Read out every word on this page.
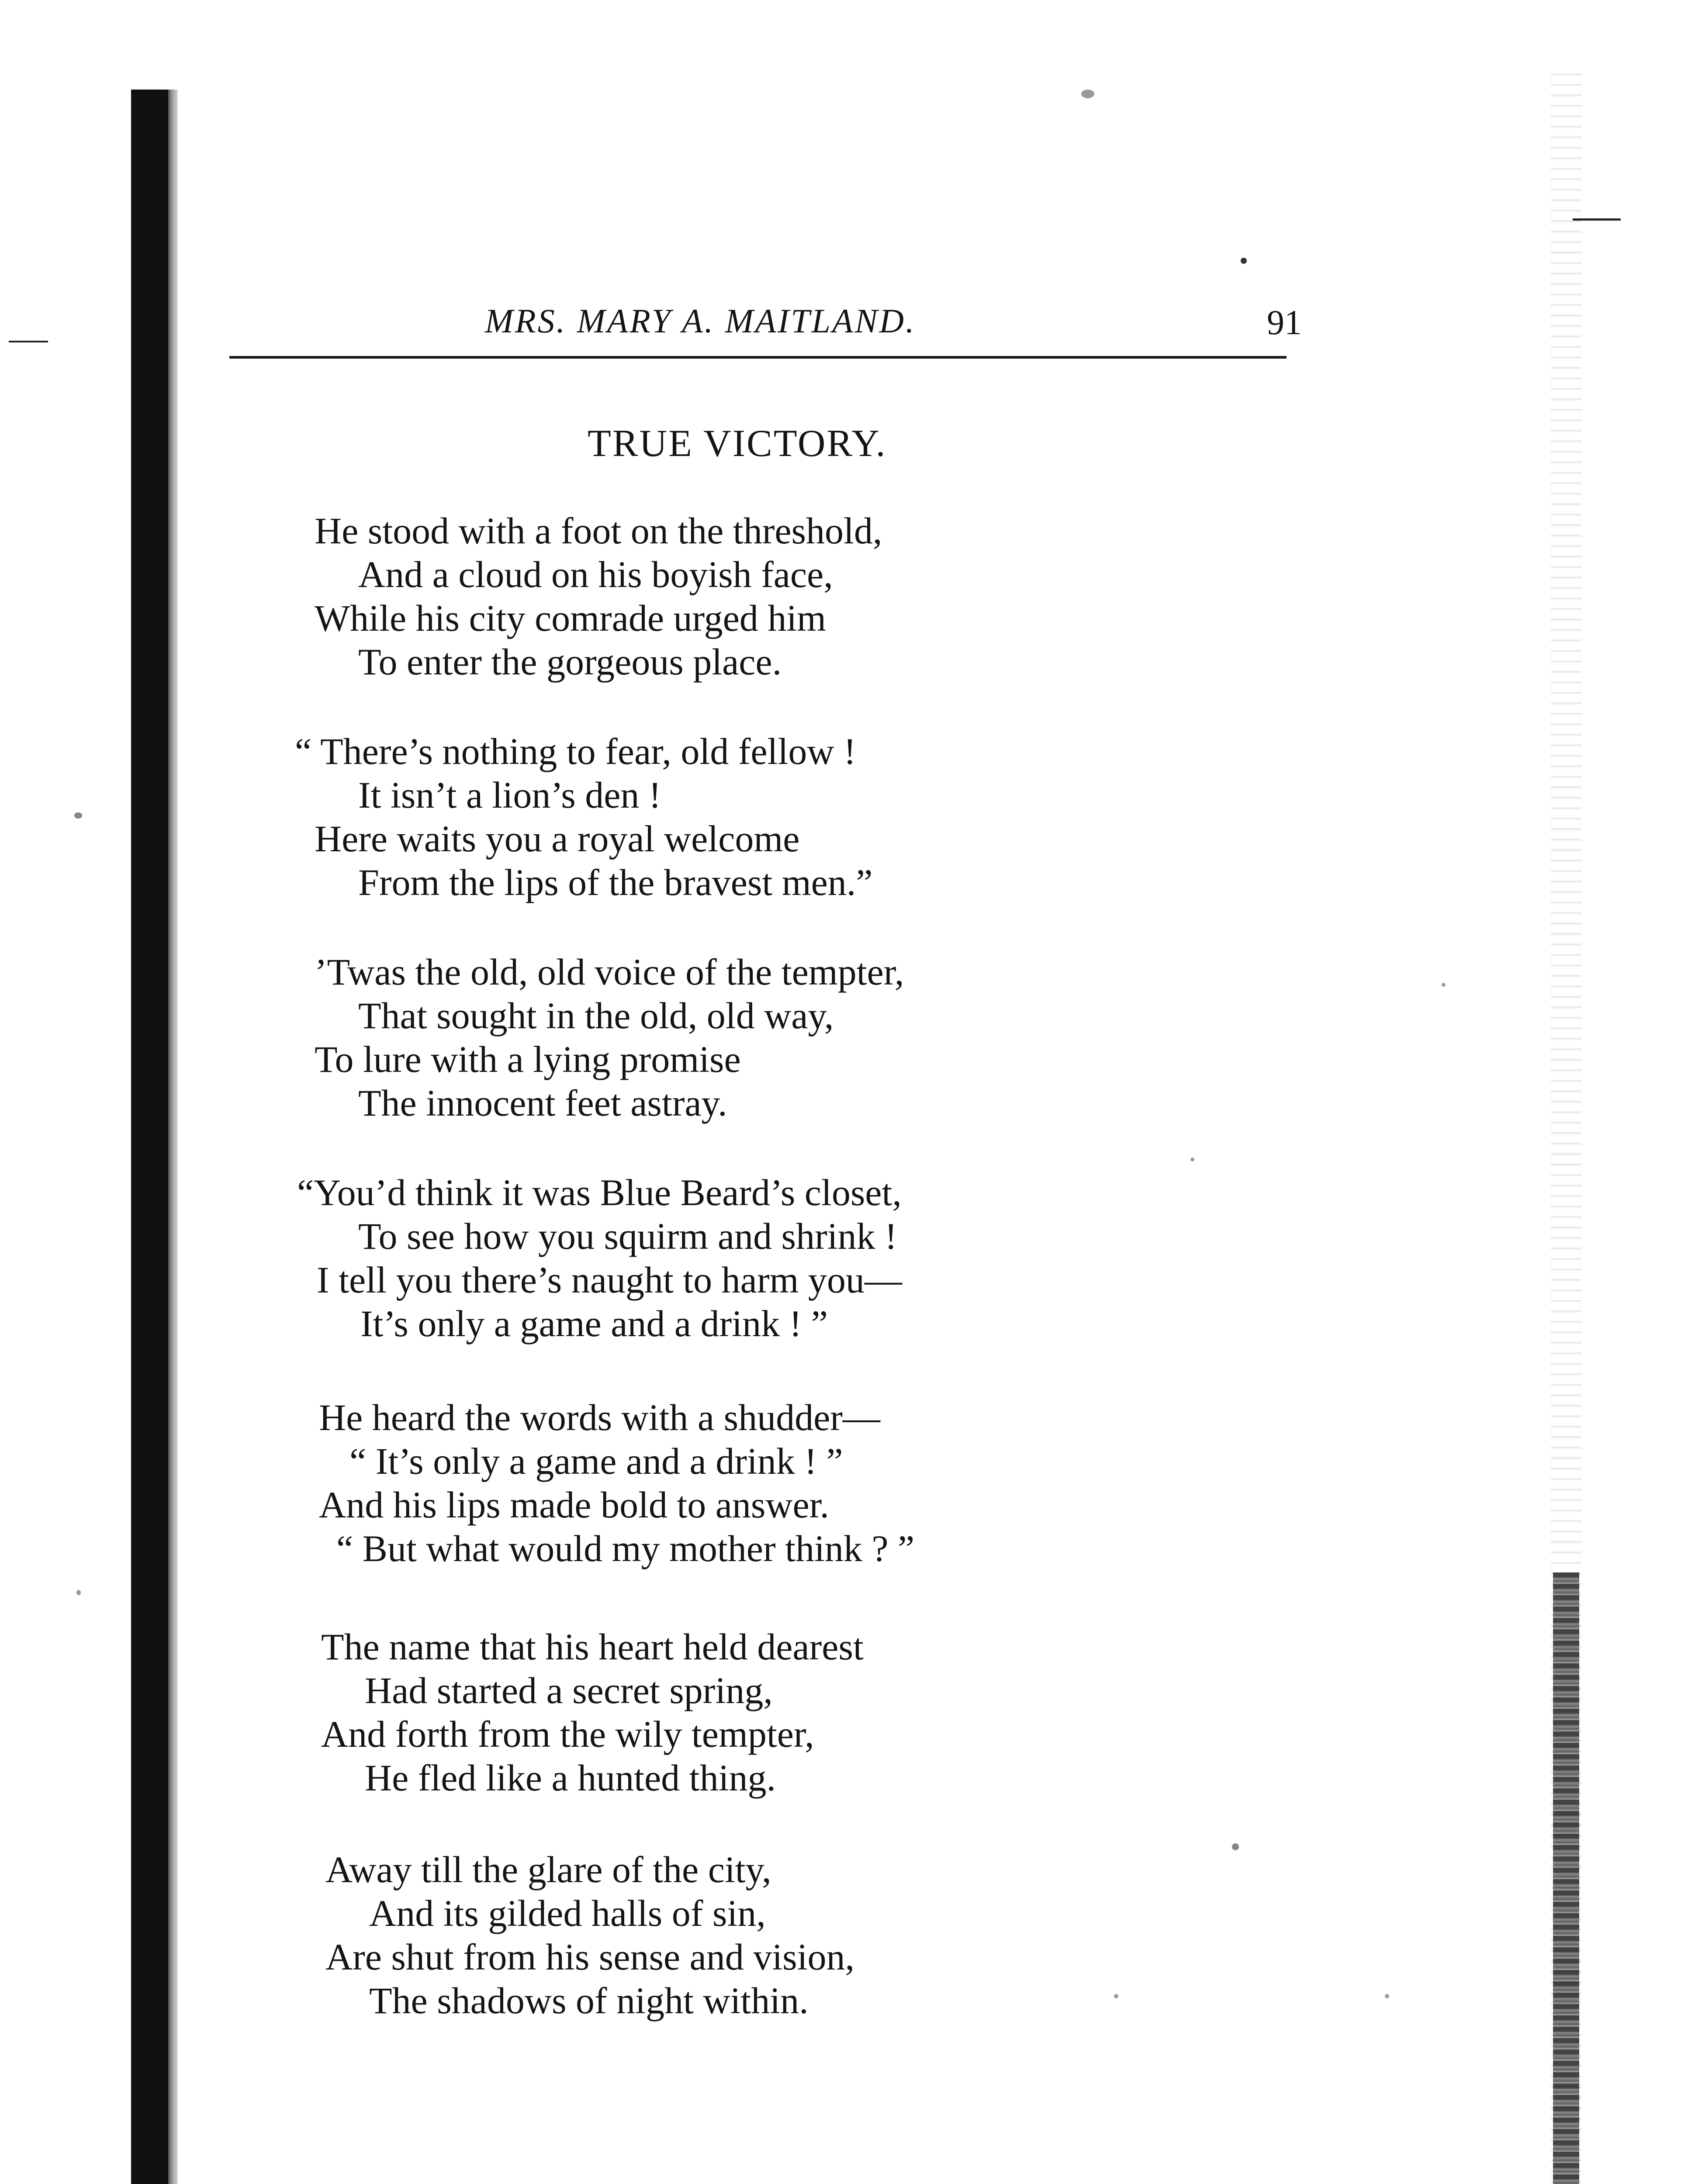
MRS. MARY A. MAITLAND.	91
TRUE VICTORY.
He stood with a foot on the threshold,
And a cloud on his boyish face,
While his city comrade urged him
To enter the gorgeous place.
“ There’s nothing to fear, old fellow !
It isn’t a lion’s den !
Here waits you a royal welcome
From the lips of the bravest men.”
’Twas the old, old voice of the tempter,
That sought in the old, old way,
To lure with a lying promise
The innocent feet astray.
“You’d think it was Blue Beard’s closet,
To see how you squirm and shrink !
I tell you there’s naught to harm you—
It’s only a game and a drink ! ”
He heard the words with a shudder—
“ It’s only a game and a drink ! ”
And his lips made bold to answer.
“ But what would my mother think ? ”
The name that his heart held dearest
Had started a secret spring,
And forth from the wily tempter,
He fled like a hunted thing.
Away till the glare of the city,
And its gilded halls of sin,
Are shut from his sense and vision,
The shadows of night within.
